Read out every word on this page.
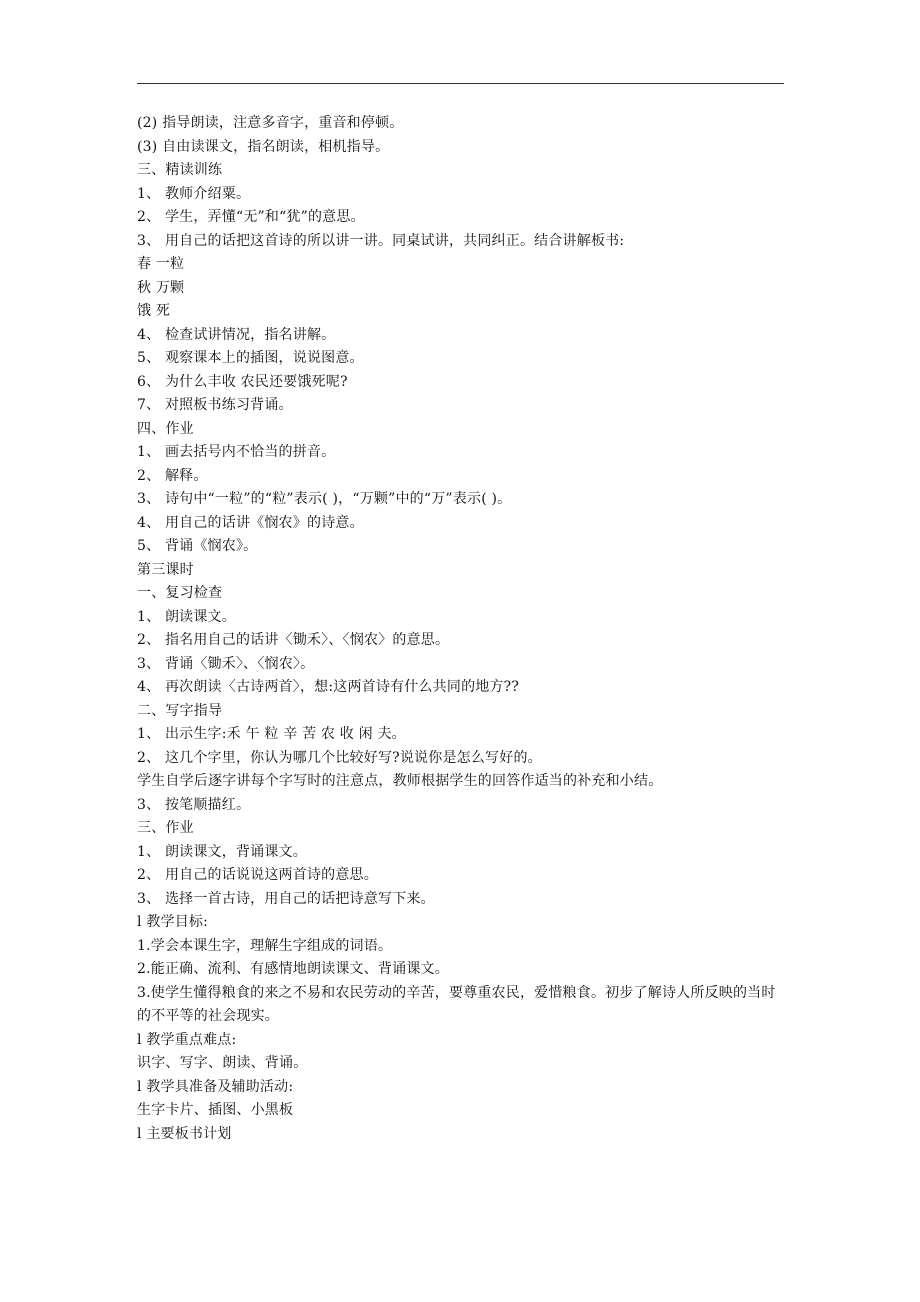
(2) 指导朗读，注意多音字，重音和停顿。
(3) 自由读课文，指名朗读，相机指导。
三、精读训练
1、 教师介绍粟。
2、 学生，弄懂“无”和“犹”的意思。
3、 用自己的话把这首诗的所以讲一讲。同桌试讲，共同纠正。结合讲解板书:
春 一粒
秋 万颗
饿 死
4、 检查试讲情况，指名讲解。
5、 观察课本上的插图，说说图意。
6、 为什么丰收 农民还要饿死呢?
7、 对照板书练习背诵。
四、作业
1、 画去括号内不恰当的拼音。
2、 解释。
3、 诗句中“一粒”的“粒”表示( )，“万颗”中的“万”表示( )。
4、 用自己的话讲《悯农》的诗意。
5、 背诵《悯农》。
第三课时
一、复习检查
1、 朗读课文。
2、 指名用自己的话讲〈锄禾〉、〈悯农〉的意思。
3、 背诵〈锄禾〉、〈悯农〉。
4、 再次朗读〈古诗两首〉，想:这两首诗有什么共同的地方??
二、写字指导
1、 出示生字:禾 午 粒 辛 苦 农 收 闲 夫。
2、 这几个字里，你认为哪几个比较好写?说说你是怎么写好的。
学生自学后逐字讲每个字写时的注意点，教师根据学生的回答作适当的补充和小结。
3、 按笔顺描红。
三、作业
1、 朗读课文，背诵课文。
2、 用自己的话说说这两首诗的意思。
3、 选择一首古诗，用自己的话把诗意写下来。
l 教学目标:
1.学会本课生字，理解生字组成的词语。
2.能正确、流利、有感情地朗读课文、背诵课文。
3.使学生懂得粮食的来之不易和农民劳动的辛苦，要尊重农民，爱惜粮食。初步了解诗人所反映的当时的不平等的社会现实。
l 教学重点难点:
识字、写字、朗读、背诵。
l 教学具准备及辅助活动:
生字卡片、插图、小黑板
l 主要板书计划
